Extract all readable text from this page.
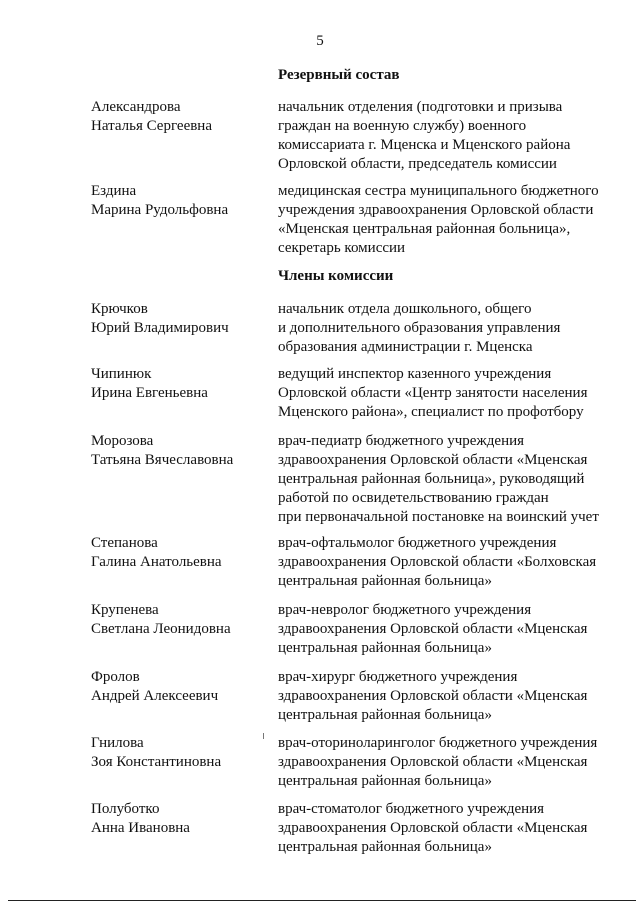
5
Резервный состав
Александрова
Наталья Сергеевна
начальник отделения (подготовки и призыва
граждан на военную службу) военного
комиссариата г. Мценска и Мценского района
Орловской области, председатель комиссии
Ездина
Марина Рудольфовна
медицинская сестра муниципального бюджетного
учреждения здравоохранения Орловской области
«Мценская центральная районная больница»,
секретарь комиссии
Члены комиссии
Крючков
Юрий Владимирович
начальник отдела дошкольного, общего
и дополнительного образования управления
образования администрации г. Мценска
Чипинюк
Ирина Евгеньевна
ведущий инспектор казенного учреждения
Орловской области «Центр занятости населения
Мценского района», специалист по профотбору
Морозова
Татьяна Вячеславовна
врач-педиатр бюджетного учреждения
здравоохранения Орловской области «Мценская
центральная районная больница», руководящий
работой по освидетельствованию граждан
при первоначальной постановке на воинский учет
Степанова
Галина Анатольевна
врач-офтальмолог бюджетного учреждения
здравоохранения Орловской области «Болховская
центральная районная больница»
Крупенева
Светлана Леонидовна
врач-невролог бюджетного учреждения
здравоохранения Орловской области «Мценская
центральная районная больница»
Фролов
Андрей Алексеевич
врач-хирург бюджетного учреждения
здравоохранения Орловской области «Мценская
центральная районная больница»
Гнилова
Зоя Константиновна
врач-оториноларинголог бюджетного учреждения
здравоохранения Орловской области «Мценская
центральная районная больница»
Полуботко
Анна Ивановна
врач-стоматолог бюджетного учреждения
здравоохранения Орловской области «Мценская
центральная районная больница»
